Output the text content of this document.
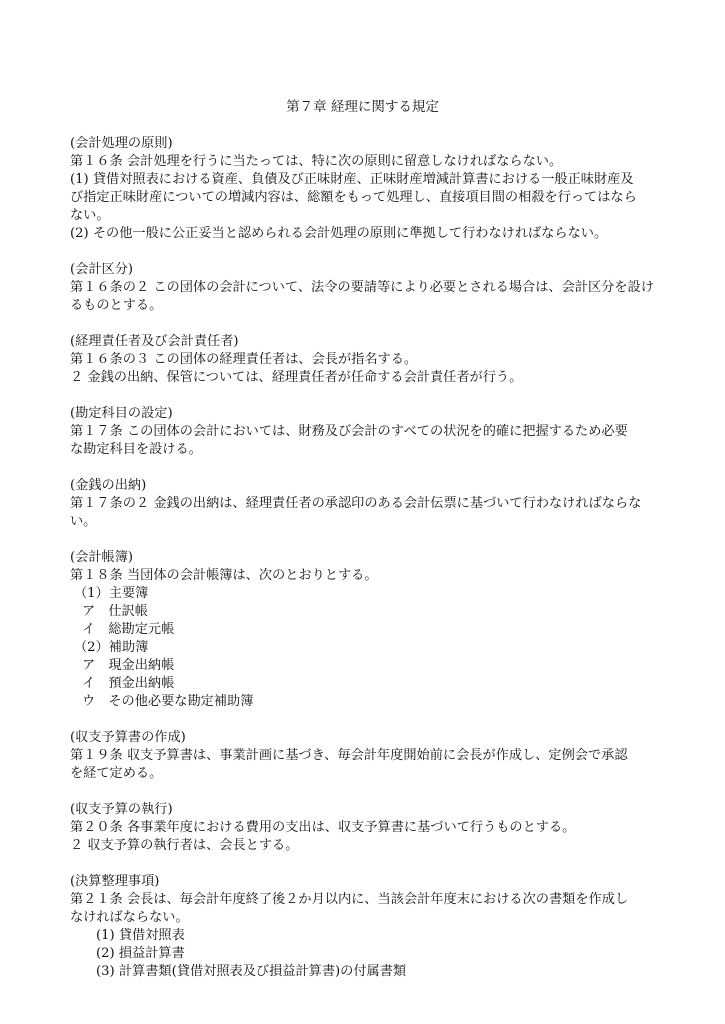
第７章 経理に関する規定
(会計処理の原則)
第１６条 会計処理を行うに当たっては、特に次の原則に留意しなければならない。
(1) 貸借対照表における資産、負債及び正味財産、正味財産増減計算書における一般正味財産及
び指定正味財産についての増減内容は、総額をもって処理し、直接項目間の相殺を行ってはなら
ない。
(2) その他一般に公正妥当と認められる会計処理の原則に準拠して行わなければならない。
(会計区分)
第１６条の２ この団体の会計について、法令の要請等により必要とされる場合は、会計区分を設け
るものとする。
(経理責任者及び会計責任者)
第１６条の３ この団体の経理責任者は、会長が指名する。
２ 金銭の出納、保管については、経理責任者が任命する会計責任者が行う。
(勘定科目の設定)
第１７条 この団体の会計においては、財務及び会計のすべての状況を的確に把握するため必要
な勘定科目を設ける。
(金銭の出納)
第１７条の２ 金銭の出納は、経理責任者の承認印のある会計伝票に基づいて行わなければならな
い。
(会計帳簿)
第１８条 当団体の会計帳簿は、次のとおりとする。
（1）主要簿
ア　仕訳帳
イ　総勘定元帳
（2）補助簿
ア　現金出納帳
イ　預金出納帳
ウ　その他必要な勘定補助簿
(収支予算書の作成)
第１９条 収支予算書は、事業計画に基づき、毎会計年度開始前に会長が作成し、定例会で承認
を経て定める。
(収支予算の執行)
第２０条 各事業年度における費用の支出は、収支予算書に基づいて行うものとする。
２ 収支予算の執行者は、会長とする。
(決算整理事項)
第２１条 会長は、毎会計年度終了後２か月以内に、当該会計年度末における次の書類を作成し
なければならない。
(1) 貸借対照表
(2) 損益計算書
(3) 計算書類(貸借対照表及び損益計算書)の付属書類
